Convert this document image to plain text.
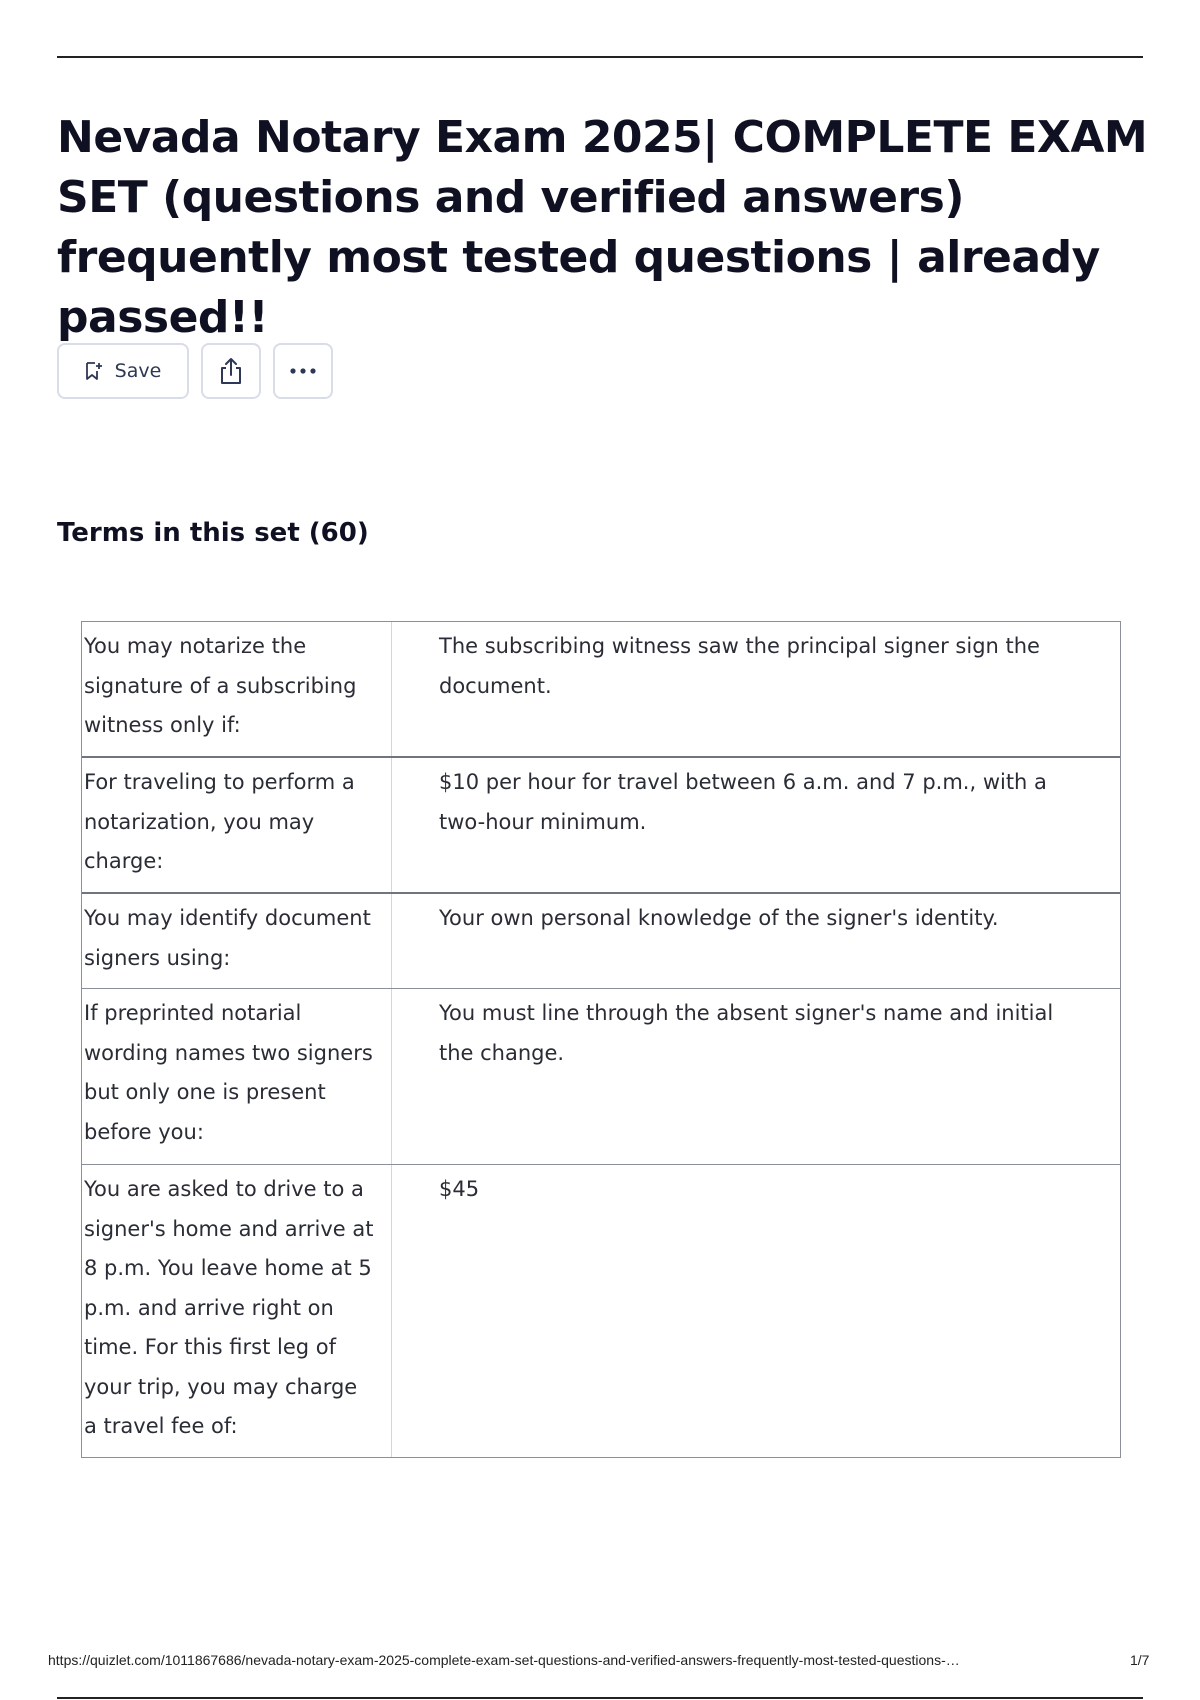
Nevada Notary Exam 2025| COMPLETE EXAM SET (questions and verified answers) frequently most tested questions | already passed!!
Save
Terms in this set (60)
You may notarize the signature of a subscribing witness only if:
The subscribing witness saw the principal signer sign the document.
For traveling to perform a notarization, you may charge:
$10 per hour for travel between 6 a.m. and 7 p.m., with a two-hour minimum.
You may identify document signers using:
Your own personal knowledge of the signer's identity.
If preprinted notarial wording names two signers but only one is present before you:
You must line through the absent signer's name and initial the change.
You are asked to drive to a signer's home and arrive at 8 p.m. You leave home at 5 p.m. and arrive right on time. For this first leg of your trip, you may charge a travel fee of:
$45
https://quizlet.com/1011867686/nevada-notary-exam-2025-complete-exam-set-questions-and-verified-answers-frequently-most-tested-questions-…	1/7
